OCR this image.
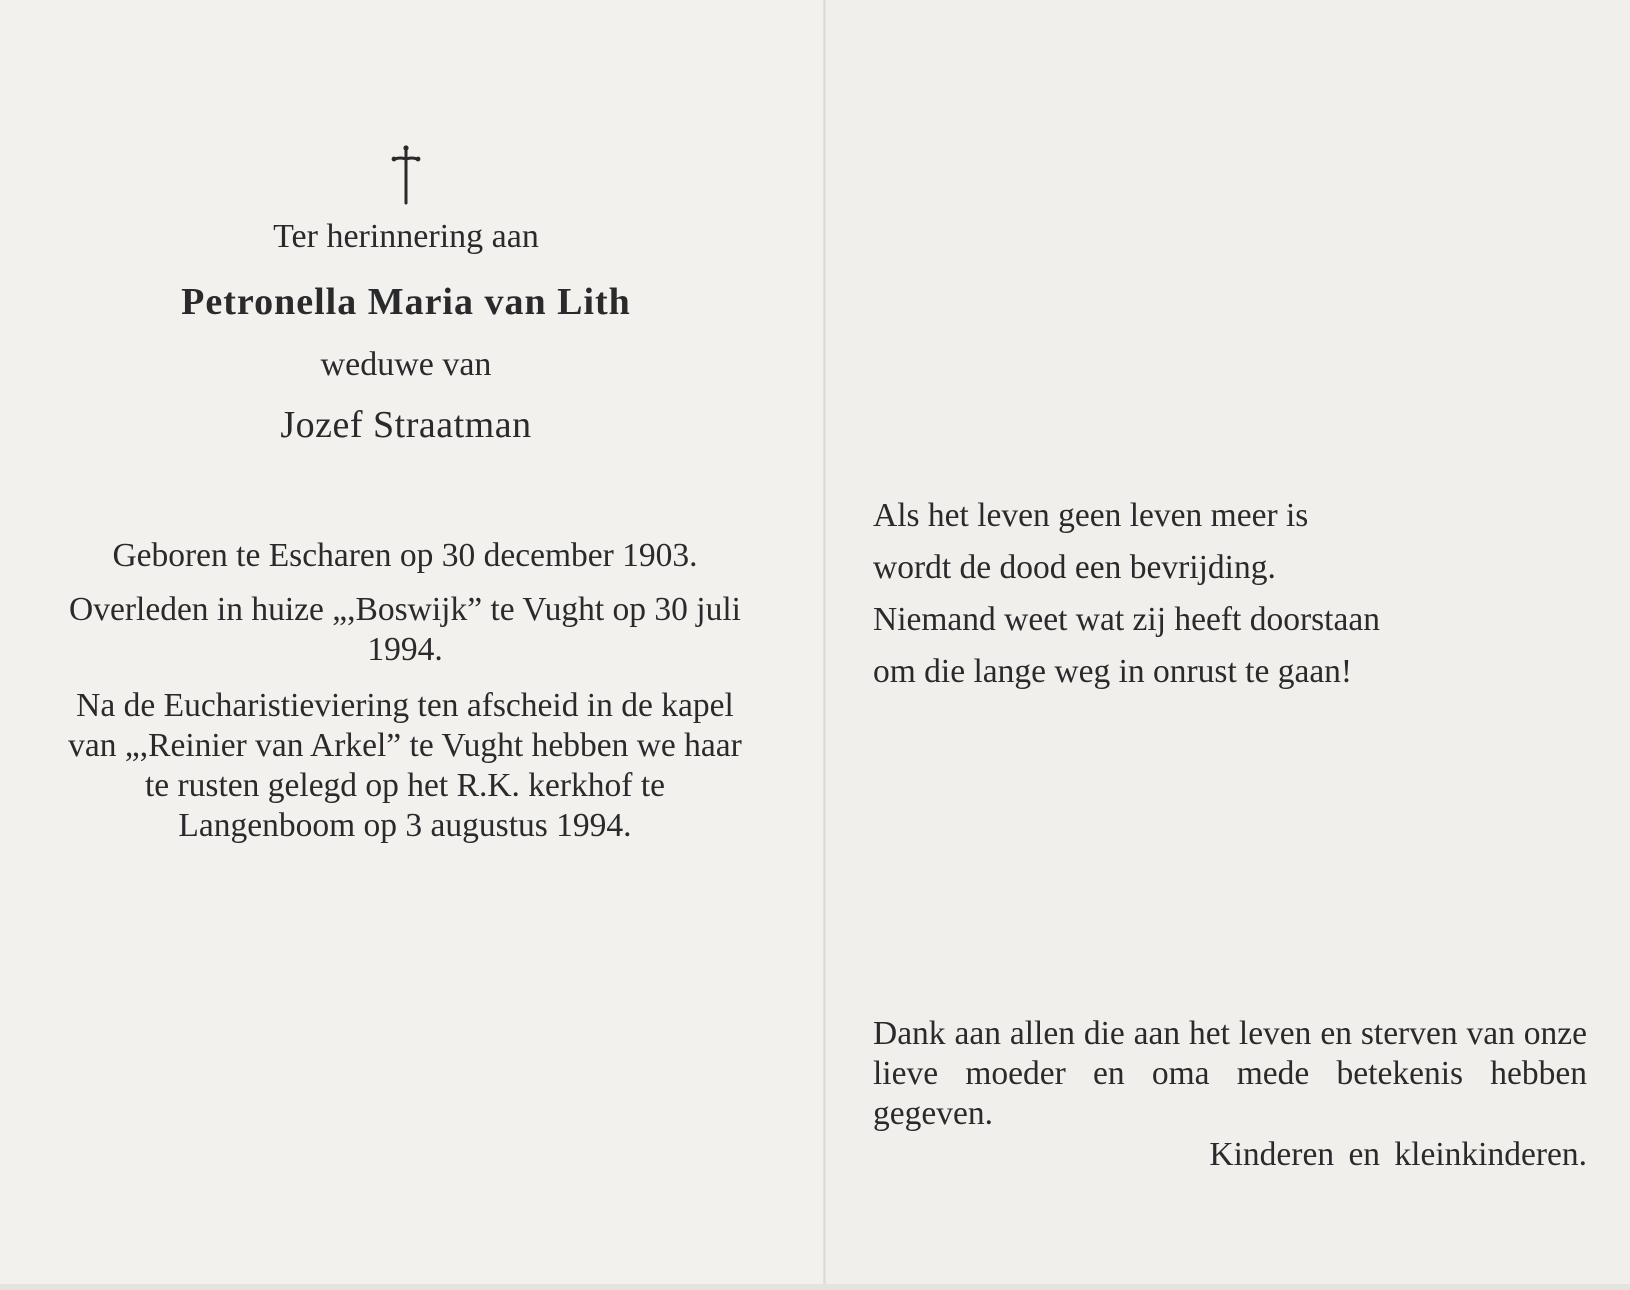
Ter herinnering aan
Petronella Maria van Lith
weduwe van
Jozef Straatman
Geboren te Escharen op 30 december 1903.
Overleden in huize „,Boswijk” te Vught op 30 juli 1994.
Na de Eucharistieviering ten afscheid in de kapel van „,Reinier van Arkel” te Vught hebben we haar te rusten gelegd op het R.K. kerkhof te Langenboom op 3 augustus 1994.
Als het leven geen leven meer is
wordt de dood een bevrijding.
Niemand weet wat zij heeft doorstaan
om die lange weg in onrust te gaan!
Dank aan allen die aan het leven en sterven van onze lieve moeder en oma mede betekenis hebben gegeven.
Kinderen en kleinkinderen.
